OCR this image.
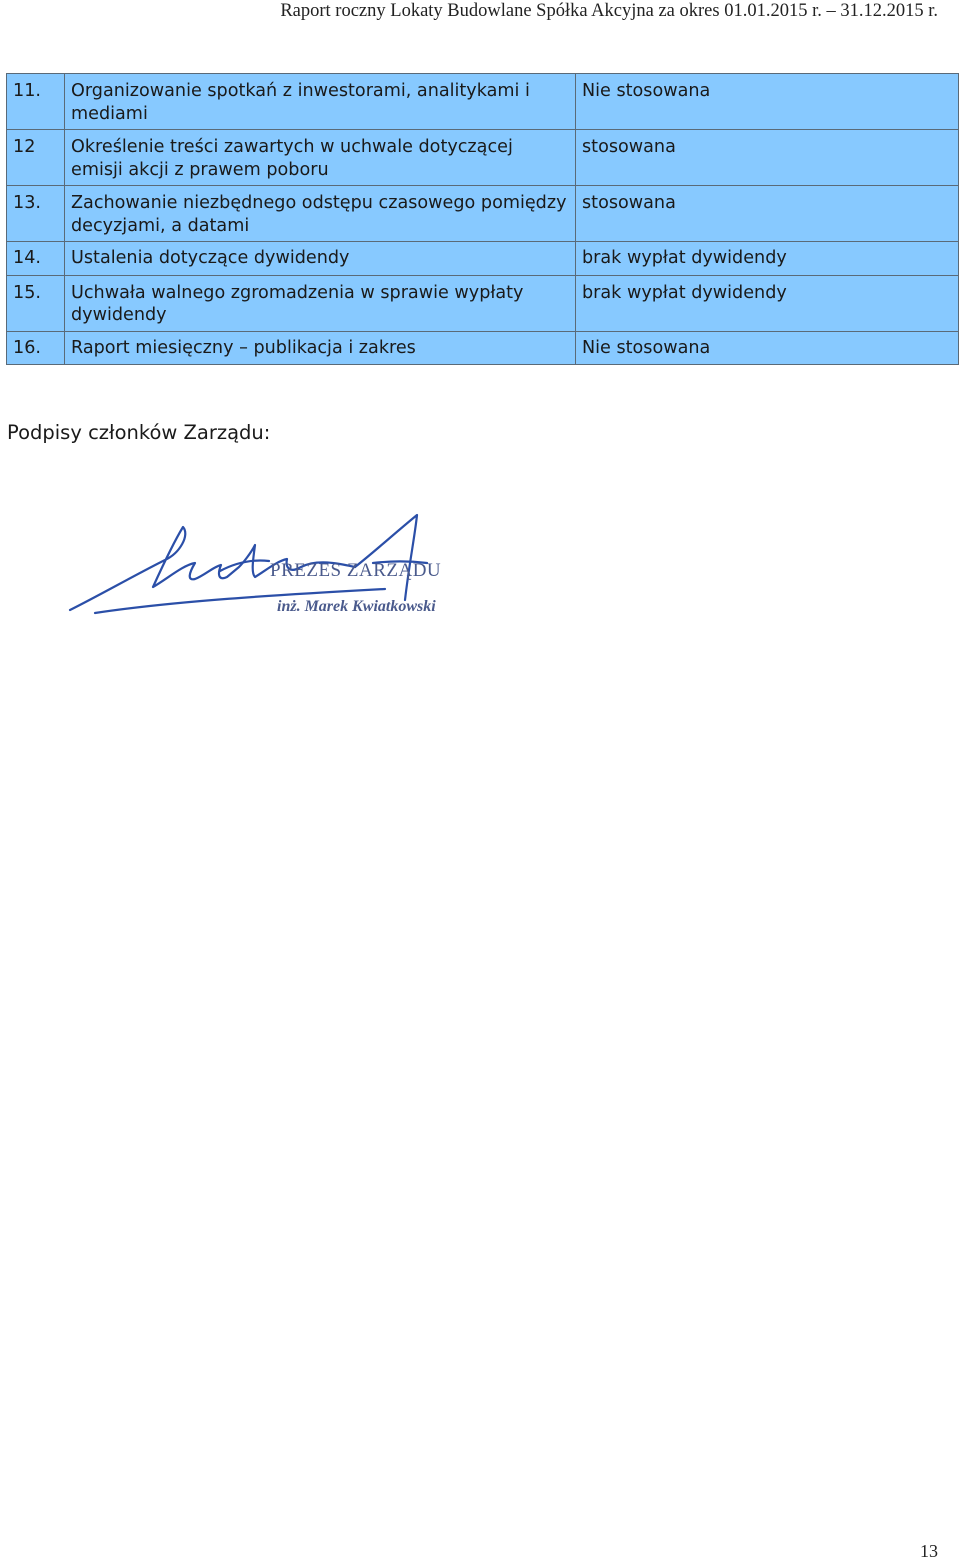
Raport roczny Lokaty Budowlane Spółka Akcyjna za okres 01.01.2015 r. – 31.12.2015 r.
11.	Organizowanie spotkań z inwestorami, analitykami i mediami	Nie stosowana
12	Określenie treści zawartych w uchwale dotyczącej emisji akcji z prawem poboru	stosowana
13.	Zachowanie niezbędnego odstępu czasowego pomiędzy decyzjami, a datami	stosowana
14.	Ustalenia dotyczące dywidendy	brak wypłat dywidendy
15.	Uchwała walnego zgromadzenia w sprawie wypłaty dywidendy	brak wypłat dywidendy
16.	Raport miesięczny – publikacja i zakres	Nie stosowana
Podpisy członków Zarządu:
PREZES ZARZĄDU
inż. Marek Kwiatkowski
13
